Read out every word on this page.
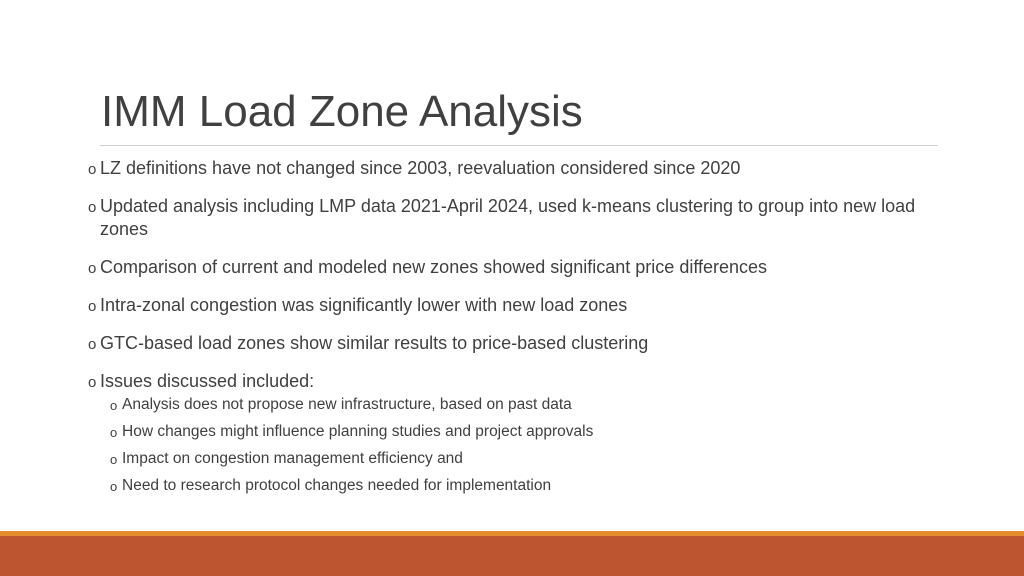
IMM Load Zone Analysis
o LZ definitions have not changed since 2003, reevaluation considered since 2020
o Updated analysis including LMP data 2021-April 2024, used k-means clustering to group into new load zones
o Comparison of current and modeled new zones showed significant price differences
o Intra-zonal congestion was significantly lower with new load zones
o GTC-based load zones show similar results to price-based clustering
o Issues discussed included:
o Analysis does not propose new infrastructure, based on past data
o How changes might influence planning studies and project approvals
o Impact on congestion management efficiency and
o Need to research protocol changes needed for implementation
